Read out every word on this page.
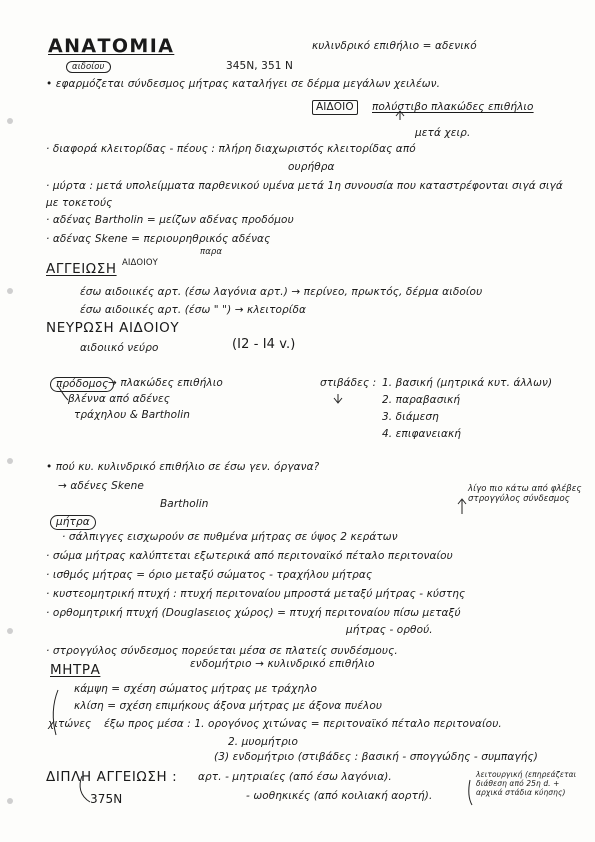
ΑΝΑΤΟΜΙΑ
αιδοίου	345N, 351 N
κυλινδρικό επιθήλιο = αδενικό
• εφαρμόζεται σύνδεσμος μήτρας καταλήγει σε δέρμα μεγάλων χειλέων.
ΑΙΔΟΙΟ	πολύστιβο πλακώδες επιθήλιο
μετά χειρ.
· διαφορά κλειτορίδας - πέους : πλήρη διαχωριστός κλειτορίδας από
ουρήθρα
· μύρτα : μετά υπολείμματα παρθενικού υμένα μετά 1η συνουσία που καταστρέφονται σιγά σιγά με τοκετούς
· αδένας Bartholin = μείζων αδένας προδόμου
· αδένας Skene = περιουρηθρικός αδένας
παρα
ΑΓΓΕΙΩΣΗ ΑΙΔΟΙΟΥ
έσω αιδοιικές αρτ. (έσω λαγόνια αρτ.) → περίνεο, πρωκτός, δέρμα αιδοίου
έσω αιδοιικές αρτ. (έσω " ") → κλειτορίδα
ΝΕΥΡΩΣΗ ΑΙΔΟΙΟΥ
αιδοιικό νεύρο	(I2 - I4 v.)
πρόδομος → πλακώδες επιθήλιο	στιβάδες : 1. βασική (μητρικά κυτ. άλλων)
2. παραβασική
3. διάμεση
4. επιφανειακή
βλέννα από αδένες
τράχηλου & Bartholin
• πού κυ. κυλινδρικό επιθήλιο σε έσω γεν. όργανα?
→ αδένες Skene
Bartholin
μήτρα
λίγο πιο κάτω από φλέβες στρογγύλος σύνδεσμος
· σάλπιγγες εισχωρούν σε πυθμένα μήτρας σε ύψος 2 κεράτων
· σώμα μήτρας καλύπτεται εξωτερικά από περιτοναϊκό πέταλο περιτοναίου
· ισθμός μήτρας = όριο μεταξύ σώματος - τραχήλου μήτρας
· κυστεομητρική πτυχή : πτυχή περιτοναίου μπροστά μεταξύ μήτρας - κύστης
· ορθομητρική πτυχή (Douglasειος χώρος) = πτυχή περιτοναίου πίσω μεταξύ
μήτρας - ορθού.
· στρογγύλος σύνδεσμος πορεύεται μέσα σε πλατείς συνδέσμους.
ΜΗΤΡΑ	ενδομήτριο → κυλινδρικό επιθήλιο
κάμψη = σχέση σώματος μήτρας με τράχηλο
κλίση = σχέση επιμήκους άξονα μήτρας με άξονα πυέλου
χιτώνες έξω προς μέσα : 1. ορογόνος χιτώνας = περιτοναϊκό πέταλο περιτοναίου.
2. μυομήτριο
(3) ενδομήτριο (στιβάδες : βασική - σπογγώδης - συμπαγής)
λειτουργική (επηρεάζεται διάθεση από 25η d. + αρχικά στάδια κύησης)
ΔΙΠΛΗ ΑΓΓΕΙΩΣΗ : αρτ. - μητριαίες (από έσω λαγόνια).
- ωοθηκικές (από κοιλιακή αορτή).
375N
